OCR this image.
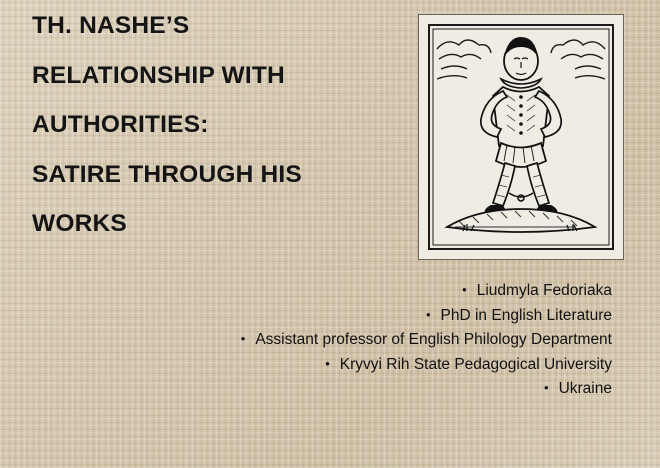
TH. NASHE’S
RELATIONSHIP WITH
AUTHORITIES:
SATIRE THROUGH HIS
WORKS
• Liudmyla Fedoriaka
• PhD in English Literature
• Assistant professor of English Philology Department
• Kryvyi Rih State Pedagogical University
• Ukraine
